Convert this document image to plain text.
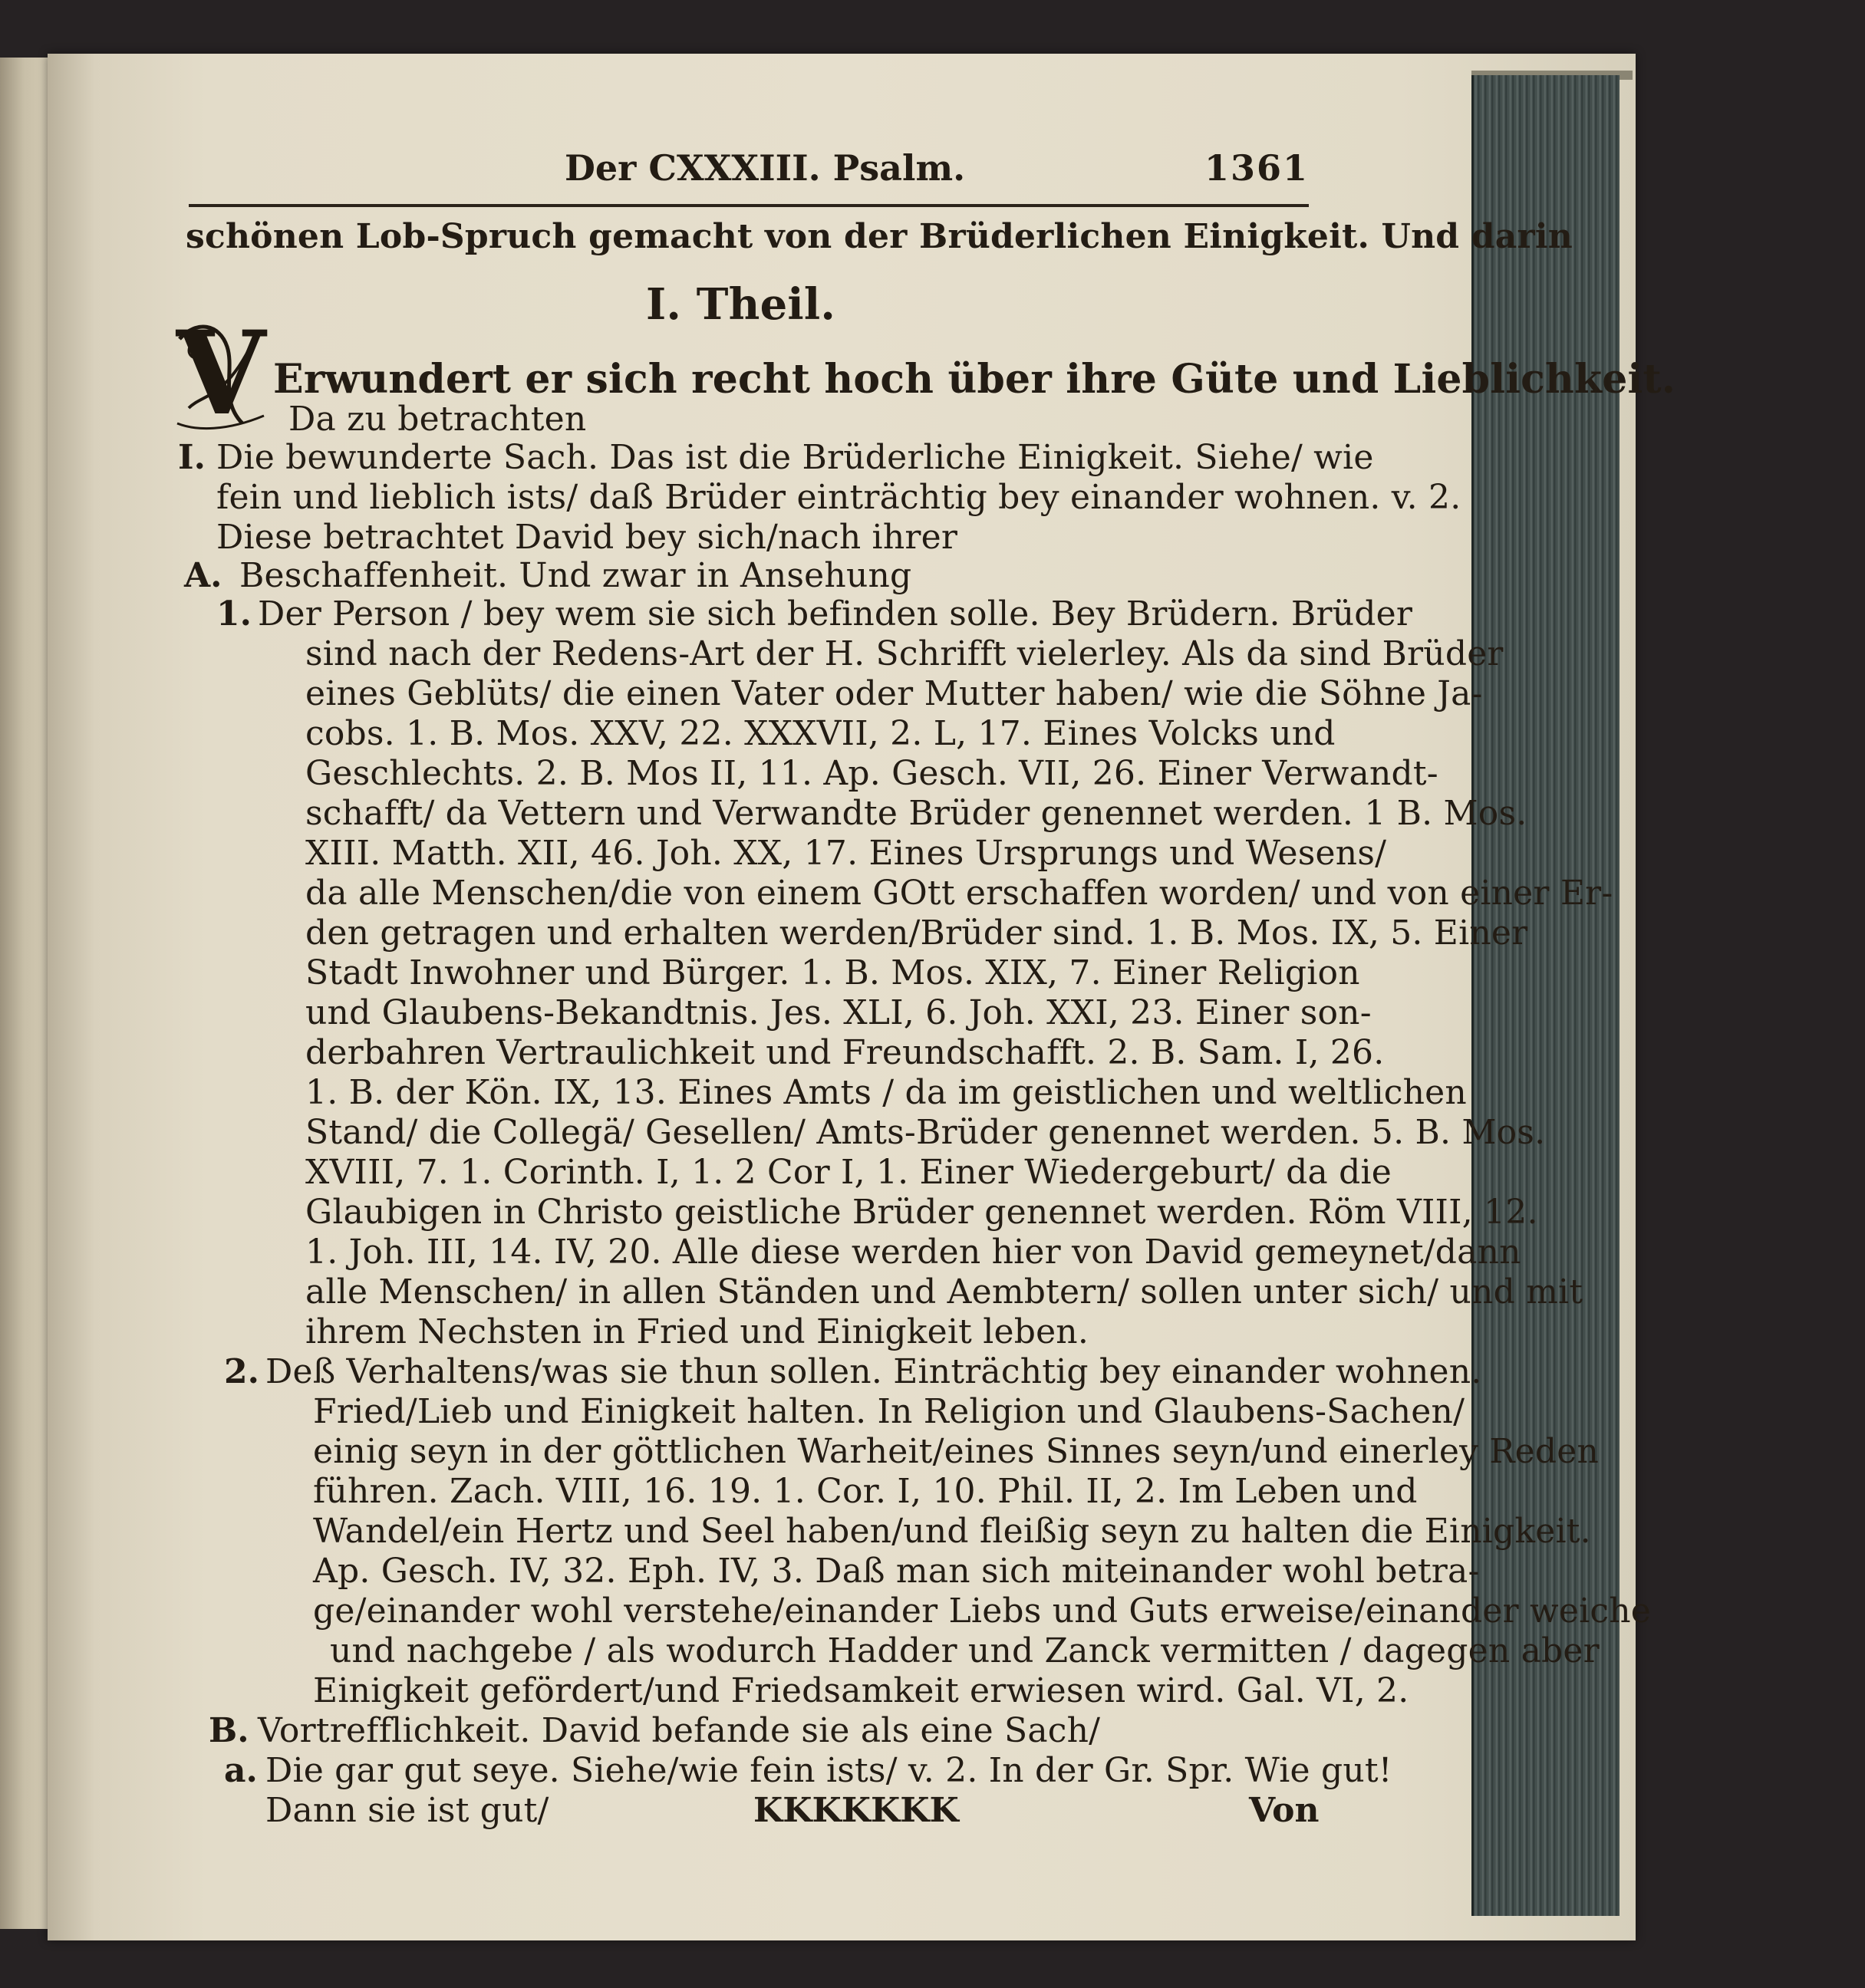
Der CXXXIII. Psalm.	1361
schönen Lob-Spruch gemacht von der Brüderlichen Einigkeit. Und darin
I. Theil.
V Erwundert er sich recht hoch über ihre Güte und Lieblichkeit.
Da zu betrachten
I. Die bewunderte Sach. Das ist die Brüderliche Einigkeit. Siehe/ wie
fein und lieblich ists/ daß Brüder einträchtig bey einander wohnen. v. 2.
Diese betrachtet David bey sich/nach ihrer
A. Beschaffenheit. Und zwar in Ansehung
1. Der Person / bey wem sie sich befinden solle. Bey Brüdern. Brüder
sind nach der Redens-Art der H. Schrifft vielerley. Als da sind Brüder
eines Geblüts/ die einen Vater oder Mutter haben/ wie die Söhne Ja-
cobs. 1. B. Mos. XXV, 22. XXXVII, 2. L, 17. Eines Volcks und
Geschlechts. 2. B. Mos II, 11. Ap. Gesch. VII, 26. Einer Verwandt-
schafft/ da Vettern und Verwandte Brüder genennet werden. 1 B. Mos.
XIII. Matth. XII, 46. Joh. XX, 17. Eines Ursprungs und Wesens/
da alle Menschen/die von einem GOtt erschaffen worden/ und von einer Er-
den getragen und erhalten werden/Brüder sind. 1. B. Mos. IX, 5. Einer
Stadt Inwohner und Bürger. 1. B. Mos. XIX, 7. Einer Religion
und Glaubens-Bekandtnis. Jes. XLI, 6. Joh. XXI, 23. Einer son-
derbahren Vertraulichkeit und Freundschafft. 2. B. Sam. I, 26.
1. B. der Kön. IX, 13. Eines Amts / da im geistlichen und weltlichen
Stand/ die Collegä/ Gesellen/ Amts-Brüder genennet werden. 5. B. Mos.
XVIII, 7. 1. Corinth. I, 1. 2 Cor I, 1. Einer Wiedergeburt/ da die
Glaubigen in Christo geistliche Brüder genennet werden. Röm VIII, 12.
1. Joh. III, 14. IV, 20. Alle diese werden hier von David gemeynet/dann
alle Menschen/ in allen Ständen und Aembtern/ sollen unter sich/ und mit
ihrem Nechsten in Fried und Einigkeit leben.
2. Deß Verhaltens/was sie thun sollen. Einträchtig bey einander wohnen.
Fried/Lieb und Einigkeit halten. In Religion und Glaubens-Sachen/
einig seyn in der göttlichen Warheit/eines Sinnes seyn/und einerley Reden
führen. Zach. VIII, 16. 19. 1. Cor. I, 10. Phil. II, 2. Im Leben und
Wandel/ein Hertz und Seel haben/und fleißig seyn zu halten die Einigkeit.
Ap. Gesch. IV, 32. Eph. IV, 3. Daß man sich miteinander wohl betra-
ge/einander wohl verstehe/einander Liebs und Guts erweise/einander weiche
und nachgebe / als wodurch Hadder und Zanck vermitten / dagegen aber
Einigkeit gefördert/und Friedsamkeit erwiesen wird. Gal. VI, 2.
B. Vortrefflichkeit. David befande sie als eine Sach/
a. Die gar gut seye. Siehe/wie fein ists/ v. 2. In der Gr. Spr. Wie gut!
Dann sie ist gut/	KKKKKKK	Von
